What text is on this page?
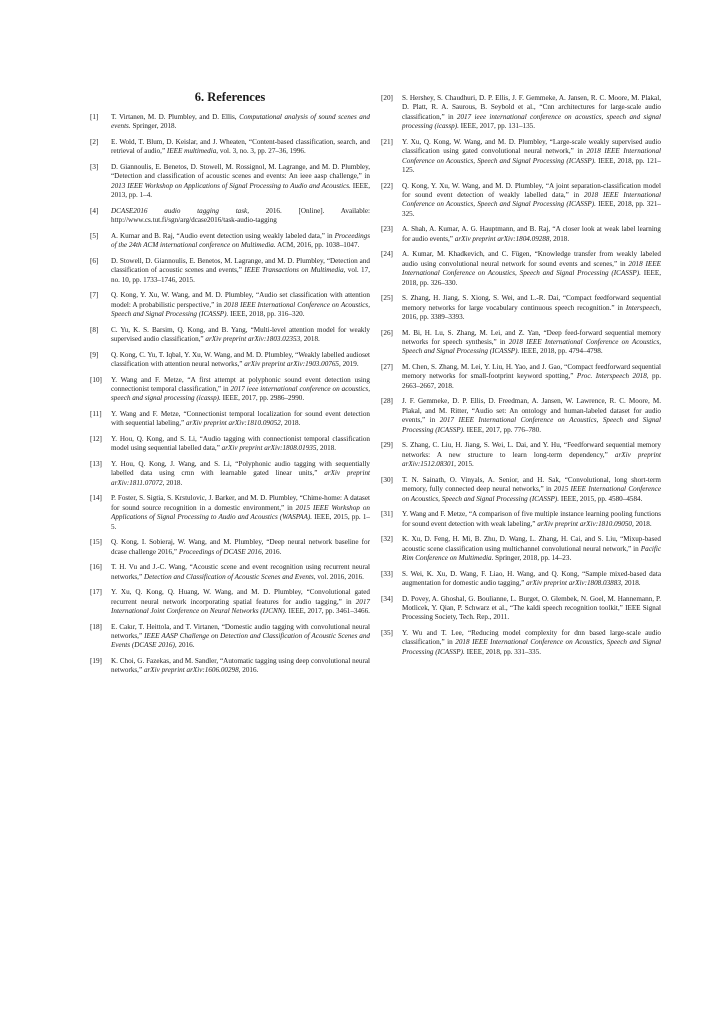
6. References
[1] T. Virtanen, M. D. Plumbley, and D. Ellis, Computational analysis of sound scenes and events. Springer, 2018.
[2] E. Wold, T. Blum, D. Keislar, and J. Wheaten, “Content-based classification, search, and retrieval of audio,” IEEE multimedia, vol. 3, no. 3, pp. 27–36, 1996.
[3] D. Giannoulis, E. Benetos, D. Stowell, M. Rossignol, M. Lagrange, and M. D. Plumbley, “Detection and classification of acoustic scenes and events: An ieee aasp challenge,” in 2013 IEEE Workshop on Applications of Signal Processing to Audio and Acoustics. IEEE, 2013, pp. 1–4.
[4] DCASE2016 audio tagging task, 2016. [Online]. Available: http://www.cs.tut.fi/sgn/arg/dcase2016/task-audio-tagging
[5] A. Kumar and B. Raj, “Audio event detection using weakly labeled data,” in Proceedings of the 24th ACM international conference on Multimedia. ACM, 2016, pp. 1038–1047.
[6] D. Stowell, D. Giannoulis, E. Benetos, M. Lagrange, and M. D. Plumbley, “Detection and classification of acoustic scenes and events,” IEEE Transactions on Multimedia, vol. 17, no. 10, pp. 1733–1746, 2015.
[7] Q. Kong, Y. Xu, W. Wang, and M. D. Plumbley, “Audio set classification with attention model: A probabilistic perspective,” in 2018 IEEE International Conference on Acoustics, Speech and Signal Processing (ICASSP). IEEE, 2018, pp. 316–320.
[8] C. Yu, K. S. Barsim, Q. Kong, and B. Yang, “Multi-level attention model for weakly supervised audio classification,” arXiv preprint arXiv:1803.02353, 2018.
[9] Q. Kong, C. Yu, T. Iqbal, Y. Xu, W. Wang, and M. D. Plumbley, “Weakly labelled audioset classification with attention neural networks,” arXiv preprint arXiv:1903.00765, 2019.
[10] Y. Wang and F. Metze, “A first attempt at polyphonic sound event detection using connectionist temporal classification,” in 2017 ieee international conference on acoustics, speech and signal processing (icassp). IEEE, 2017, pp. 2986–2990.
[11] Y. Wang and F. Metze, “Connectionist temporal localization for sound event detection with sequential labeling,” arXiv preprint arXiv:1810.09052, 2018.
[12] Y. Hou, Q. Kong, and S. Li, “Audio tagging with connectionist temporal classification model using sequential labelled data,” arXiv preprint arXiv:1808.01935, 2018.
[13] Y. Hou, Q. Kong, J. Wang, and S. Li, “Polyphonic audio tagging with sequentially labelled data using crnn with learnable gated linear units,” arXiv preprint arXiv:1811.07072, 2018.
[14] P. Foster, S. Sigtia, S. Krstulovic, J. Barker, and M. D. Plumbley, “Chime-home: A dataset for sound source recognition in a domestic environment,” in 2015 IEEE Workshop on Applications of Signal Processing to Audio and Acoustics (WASPAA). IEEE, 2015, pp. 1–5.
[15] Q. Kong, I. Sobieraj, W. Wang, and M. Plumbley, “Deep neural network baseline for dcase challenge 2016,” Proceedings of DCASE 2016, 2016.
[16] T. H. Vu and J.-C. Wang, “Acoustic scene and event recognition using recurrent neural networks,” Detection and Classification of Acoustic Scenes and Events, vol. 2016, 2016.
[17] Y. Xu, Q. Kong, Q. Huang, W. Wang, and M. D. Plumbley, “Convolutional gated recurrent neural network incorporating spatial features for audio tagging,” in 2017 International Joint Conference on Neural Networks (IJCNN). IEEE, 2017, pp. 3461–3466.
[18] E. Cakır, T. Heittola, and T. Virtanen, “Domestic audio tagging with convolutional neural networks,” IEEE AASP Challenge on Detection and Classification of Acoustic Scenes and Events (DCASE 2016), 2016.
[19] K. Choi, G. Fazekas, and M. Sandler, “Automatic tagging using deep convolutional neural networks,” arXiv preprint arXiv:1606.00298, 2016.
[20] S. Hershey, S. Chaudhuri, D. P. Ellis, J. F. Gemmeke, A. Jansen, R. C. Moore, M. Plakal, D. Platt, R. A. Saurous, B. Seybold et al., “Cnn architectures for large-scale audio classification,” in 2017 ieee international conference on acoustics, speech and signal processing (icassp). IEEE, 2017, pp. 131–135.
[21] Y. Xu, Q. Kong, W. Wang, and M. D. Plumbley, “Large-scale weakly supervised audio classification using gated convolutional neural network,” in 2018 IEEE International Conference on Acoustics, Speech and Signal Processing (ICASSP). IEEE, 2018, pp. 121–125.
[22] Q. Kong, Y. Xu, W. Wang, and M. D. Plumbley, “A joint separation-classification model for sound event detection of weakly labelled data,” in 2018 IEEE International Conference on Acoustics, Speech and Signal Processing (ICASSP). IEEE, 2018, pp. 321–325.
[23] A. Shah, A. Kumar, A. G. Hauptmann, and B. Raj, “A closer look at weak label learning for audio events,” arXiv preprint arXiv:1804.09288, 2018.
[24] A. Kumar, M. Khadkevich, and C. Fügen, “Knowledge transfer from weakly labeled audio using convolutional neural network for sound events and scenes,” in 2018 IEEE International Conference on Acoustics, Speech and Signal Processing (ICASSP). IEEE, 2018, pp. 326–330.
[25] S. Zhang, H. Jiang, S. Xiong, S. Wei, and L.-R. Dai, “Compact feedforward sequential memory networks for large vocabulary continuous speech recognition.” in Interspeech, 2016, pp. 3389–3393.
[26] M. Bi, H. Lu, S. Zhang, M. Lei, and Z. Yan, “Deep feed-forward sequential memory networks for speech synthesis,” in 2018 IEEE International Conference on Acoustics, Speech and Signal Processing (ICASSP). IEEE, 2018, pp. 4794–4798.
[27] M. Chen, S. Zhang, M. Lei, Y. Liu, H. Yao, and J. Gao, “Compact feedforward sequential memory networks for small-footprint keyword spotting,” Proc. Interspeech 2018, pp. 2663–2667, 2018.
[28] J. F. Gemmeke, D. P. Ellis, D. Freedman, A. Jansen, W. Lawrence, R. C. Moore, M. Plakal, and M. Ritter, “Audio set: An ontology and human-labeled dataset for audio events,” in 2017 IEEE International Conference on Acoustics, Speech and Signal Processing (ICASSP). IEEE, 2017, pp. 776–780.
[29] S. Zhang, C. Liu, H. Jiang, S. Wei, L. Dai, and Y. Hu, “Feedforward sequential memory networks: A new structure to learn long-term dependency,” arXiv preprint arXiv:1512.08301, 2015.
[30] T. N. Sainath, O. Vinyals, A. Senior, and H. Sak, “Convolutional, long short-term memory, fully connected deep neural networks,” in 2015 IEEE International Conference on Acoustics, Speech and Signal Processing (ICASSP). IEEE, 2015, pp. 4580–4584.
[31] Y. Wang and F. Metze, “A comparison of five multiple instance learning pooling functions for sound event detection with weak labeling,” arXiv preprint arXiv:1810.09050, 2018.
[32] K. Xu, D. Feng, H. Mi, B. Zhu, D. Wang, L. Zhang, H. Cai, and S. Liu, “Mixup-based acoustic scene classification using multichannel convolutional neural network,” in Pacific Rim Conference on Multimedia. Springer, 2018, pp. 14–23.
[33] S. Wei, K. Xu, D. Wang, F. Liao, H. Wang, and Q. Kong, “Sample mixed-based data augmentation for domestic audio tagging,” arXiv preprint arXiv:1808.03883, 2018.
[34] D. Povey, A. Ghoshal, G. Boulianne, L. Burget, O. Glembek, N. Goel, M. Hannemann, P. Motlicek, Y. Qian, P. Schwarz et al., “The kaldi speech recognition toolkit,” IEEE Signal Processing Society, Tech. Rep., 2011.
[35] Y. Wu and T. Lee, “Reducing model complexity for dnn based large-scale audio classification,” in 2018 IEEE International Conference on Acoustics, Speech and Signal Processing (ICASSP). IEEE, 2018, pp. 331–335.
